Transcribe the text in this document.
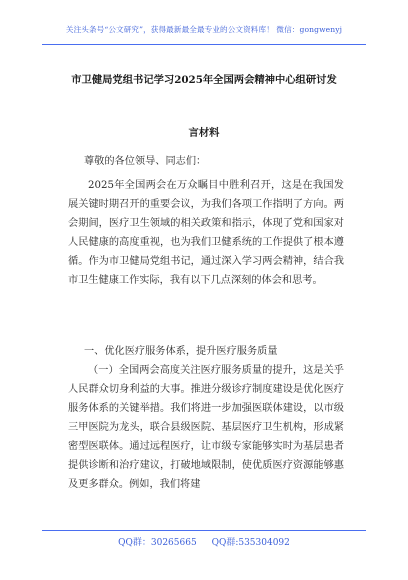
关注头条号“公文研究”，获得最新最全最专业的公文资料库！ 微信：gongwenyj
市卫健局党组书记学习2025年全国两会精神中心组研讨发
言材料

尊敬的各位领导、同志们：

2025年全国两会在万众瞩目中胜利召开，这是在我国发展关键时期召开的重要会议，为我们各项工作指明了方向。两会期间，医疗卫生领域的相关政策和指示，体现了党和国家对人民健康的高度重视，也为我们卫健系统的工作提供了根本遵循。作为市卫健局党组书记，通过深入学习两会精神，结合我市卫生健康工作实际，我有以下几点深刻的体会和思考。

一、优化医疗服务体系，提升医疗服务质量

（一）全国两会高度关注医疗服务质量的提升，这是关乎人民群众切身利益的大事。推进分级诊疗制度建设是优化医疗服务体系的关键举措。我们将进一步加强医联体建设，以市级三甲医院为龙头，联合县级医院、基层医疗卫生机构，形成紧密型医联体。通过远程医疗，让市级专家能够实时为基层患者提供诊断和治疗建议，打破地域限制，使优质医疗资源能够惠及更多群众。例如，我们将建

QQ群：30265665 QQ群:535304092
